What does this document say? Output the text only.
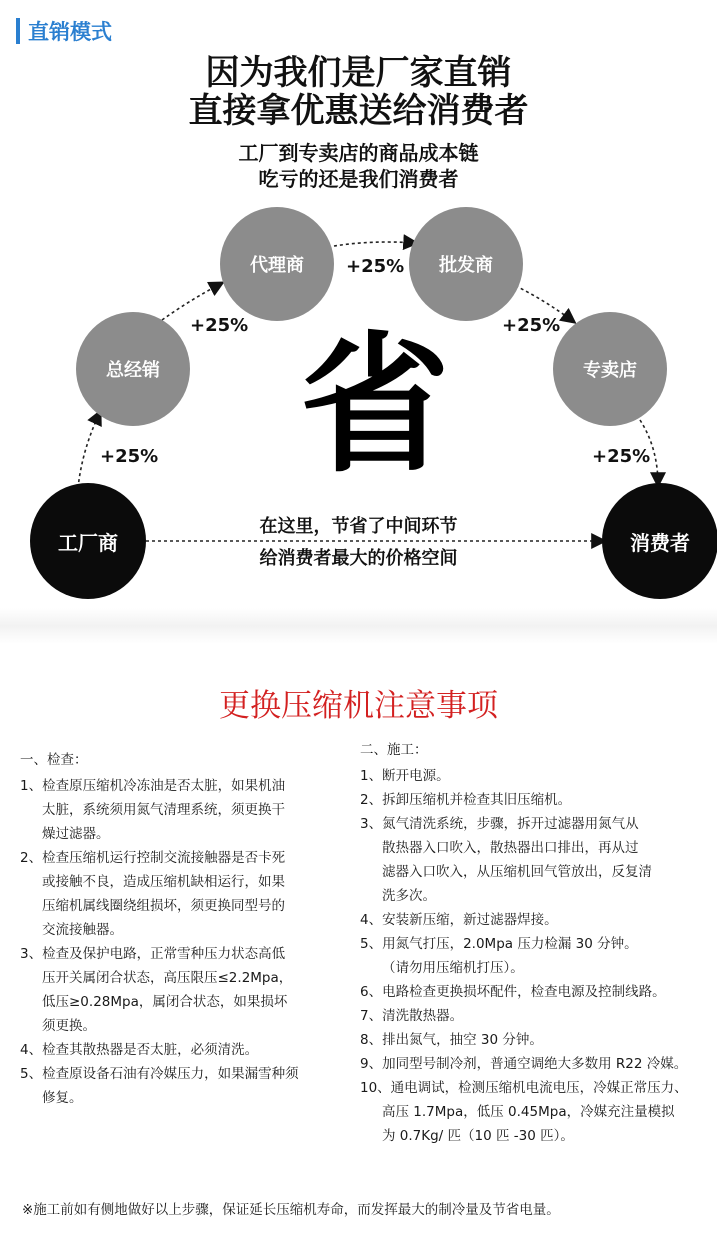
直销模式
因为我们是厂家直销
直接拿优惠送给消费者
工厂到专卖店的商品成本链
吃亏的还是我们消费者
工厂商
总经销
代理商	批发商
专卖店
消费者
+25%
+25%
+25%
+25%
+25%
省
在这里，节省了中间环节
给消费者最大的价格空间
更换压缩机注意事项
一、检查：
1、检查原压缩机冷冻油是否太脏，如果机油
太脏，系统须用氮气清理系统，须更换干
燥过滤器。
2、检查压缩机运行控制交流接触器是否卡死
或接触不良，造成压缩机缺相运行，如果
压缩机属线圈绕组损坏，须更换同型号的
交流接触器。
3、检查及保护电路，正常雪种压力状态高低
压开关属闭合状态，高压限压≤2.2Mpa，
低压≥0.28Mpa，属闭合状态，如果损坏
须更换。
4、检查其散热器是否太脏，必须清洗。
5、检查原设备石油有冷媒压力，如果漏雪种须
修复。
二、施工：
1、断开电源。
2、拆卸压缩机并检查其旧压缩机。
3、氮气清洗系统，步骤，拆开过滤器用氮气从
散热器入口吹入，散热器出口排出，再从过
滤器入口吹入，从压缩机回气管放出，反复清
洗多次。
4、安装新压缩，新过滤器焊接。
5、用氮气打压，2.0Mpa 压力检漏 30 分钟。
（请勿用压缩机打压）。
6、电路检查更换损坏配件，检查电源及控制线路。
7、清洗散热器。
8、排出氮气，抽空 30 分钟。
9、加同型号制冷剂，普通空调绝大多数用 R22 冷媒。
10、通电调试，检测压缩机电流电压，冷媒正常压力、
高压 1.7Mpa，低压 0.45Mpa，冷媒充注量模拟
为 0.7Kg/ 匹（10 匹 -30 匹）。
※施工前如有侧地做好以上步骤，保证延长压缩机寿命，而发挥最大的制冷量及节省电量。
